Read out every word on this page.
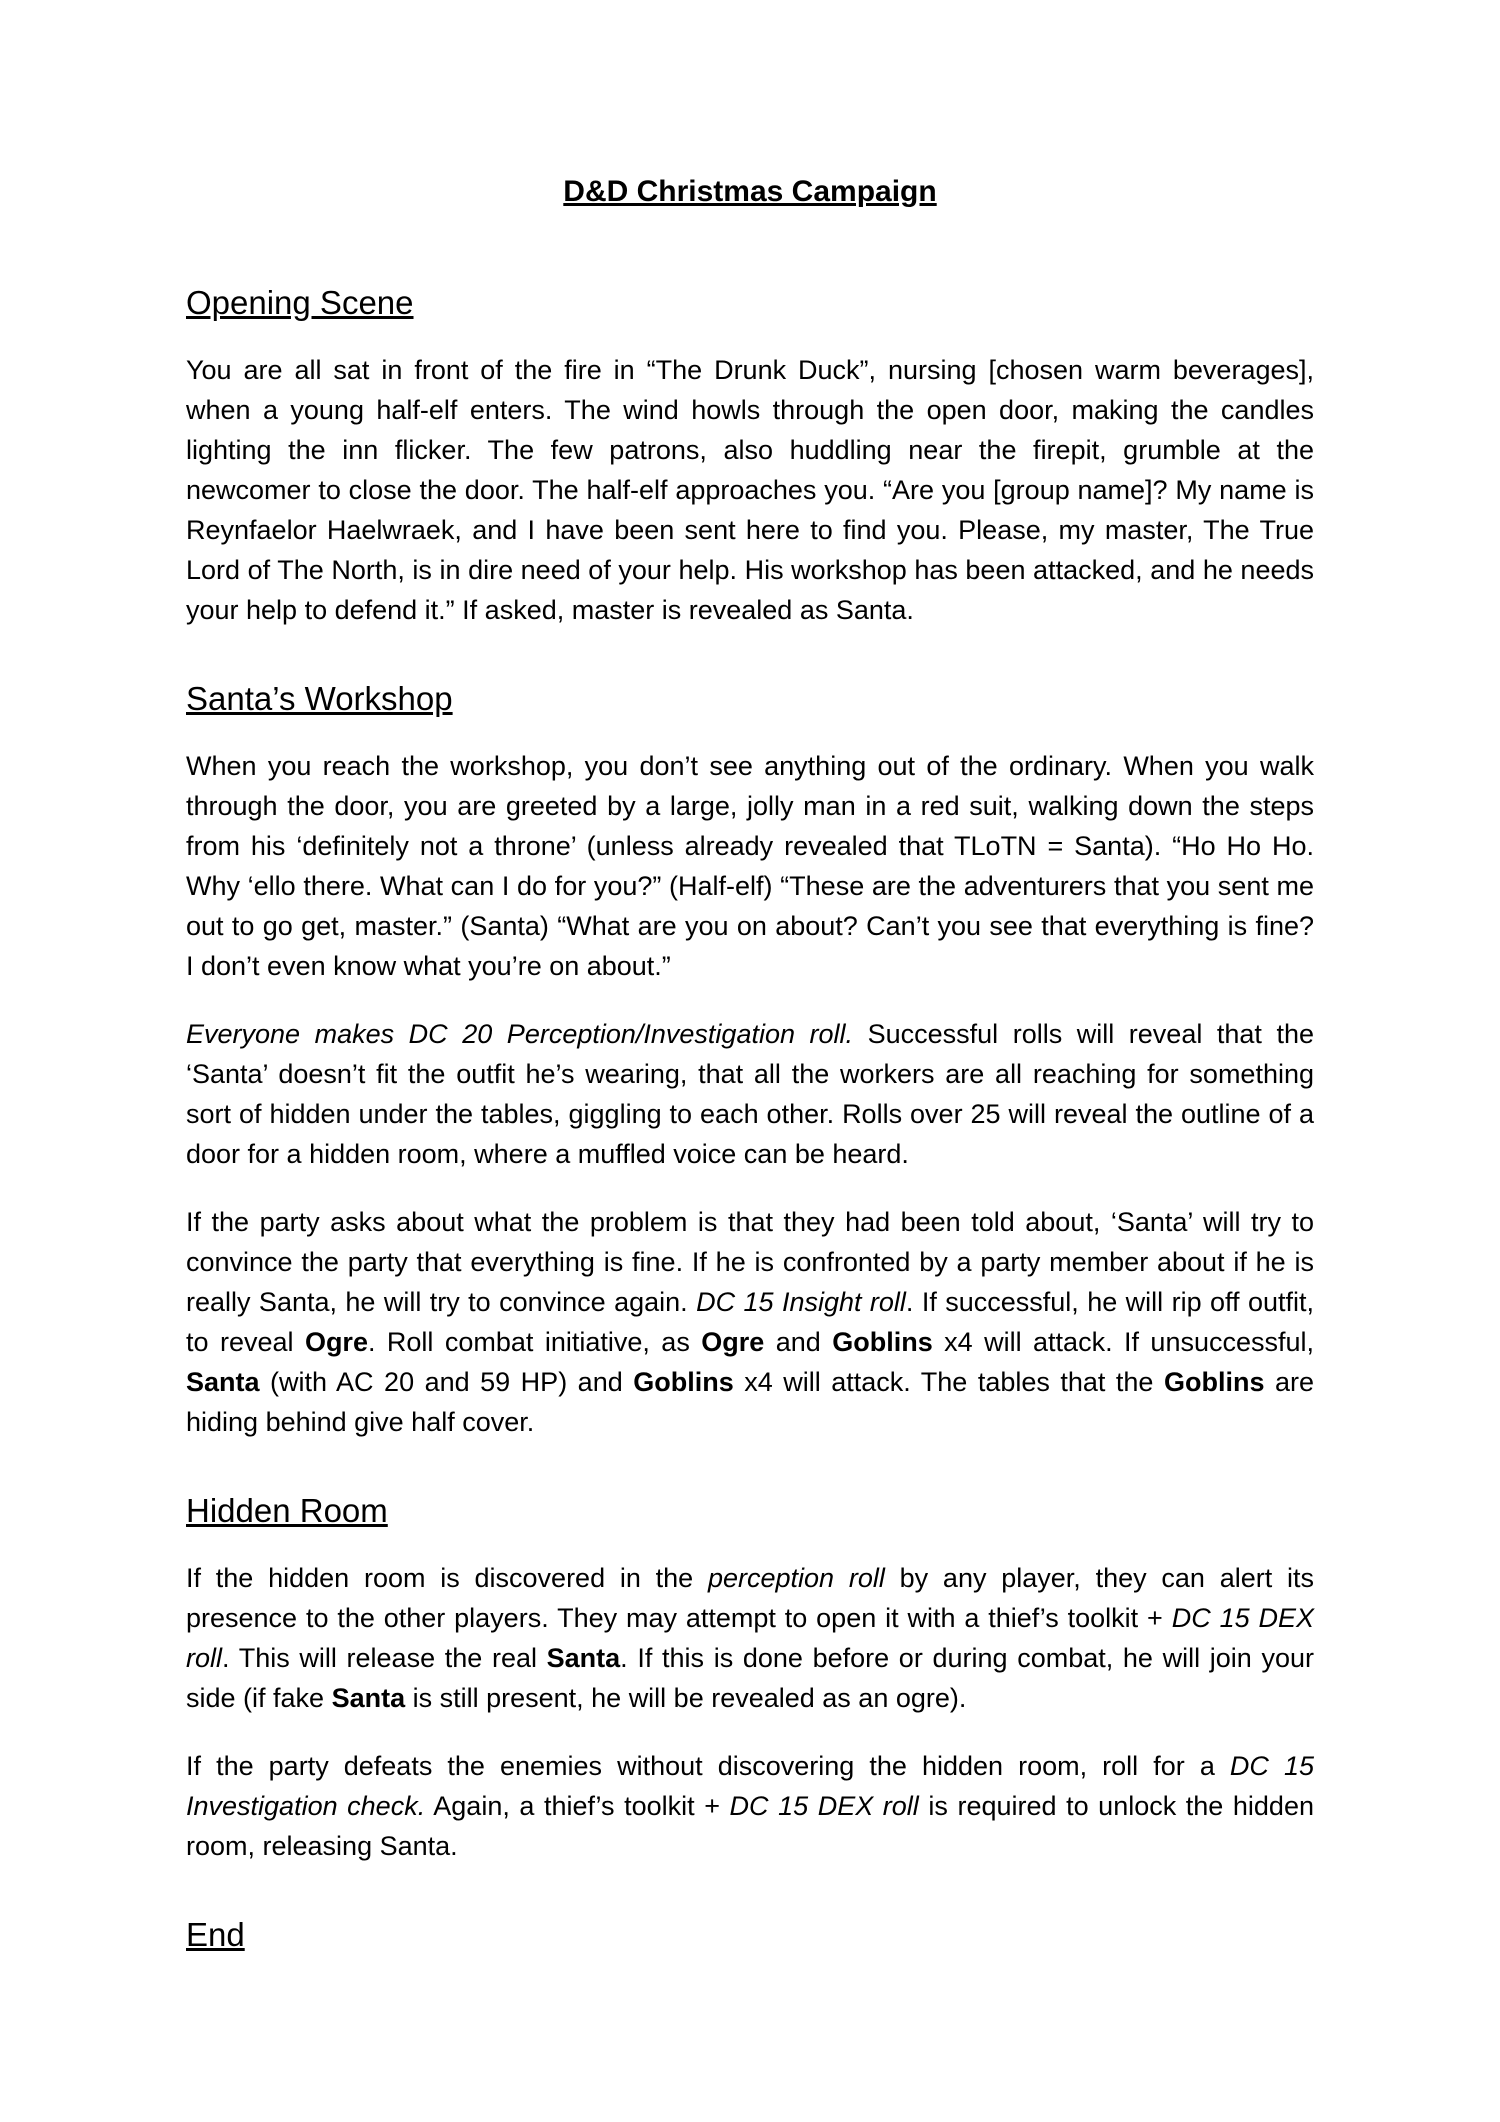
D&D Christmas Campaign
Opening Scene

You are all sat in front of the fire in “The Drunk Duck”, nursing [chosen warm beverages], when a young half-elf enters. The wind howls through the open door, making the candles lighting the inn flicker. The few patrons, also huddling near the firepit, grumble at the newcomer to close the door. The half-elf approaches you. “Are you [group name]? My name is Reynfaelor Haelwraek, and I have been sent here to find you. Please, my master, The True Lord of The North, is in dire need of your help. His workshop has been attacked, and he needs your help to defend it.” If asked, master is revealed as Santa.

Santa’s Workshop

When you reach the workshop, you don’t see anything out of the ordinary. When you walk through the door, you are greeted by a large, jolly man in a red suit, walking down the steps from his ‘definitely not a throne’ (unless already revealed that TLoTN = Santa). “Ho Ho Ho. Why ‘ello there. What can I do for you?” (Half-elf) “These are the adventurers that you sent me out to go get, master.” (Santa) “What are you on about? Can’t you see that everything is fine? I don’t even know what you’re on about.”

Everyone makes DC 20 Perception/Investigation roll. Successful rolls will reveal that the ‘Santa’ doesn’t fit the outfit he’s wearing, that all the workers are all reaching for something sort of hidden under the tables, giggling to each other. Rolls over 25 will reveal the outline of a door for a hidden room, where a muffled voice can be heard.

If the party asks about what the problem is that they had been told about, ‘Santa’ will try to convince the party that everything is fine. If he is confronted by a party member about if he is really Santa, he will try to convince again. DC 15 Insight roll. If successful, he will rip off outfit, to reveal Ogre. Roll combat initiative, as Ogre and Goblins x4 will attack. If unsuccessful, Santa (with AC 20 and 59 HP) and Goblins x4 will attack. The tables that the Goblins are hiding behind give half cover.

Hidden Room

If the hidden room is discovered in the perception roll by any player, they can alert its presence to the other players. They may attempt to open it with a thief’s toolkit + DC 15 DEX roll. This will release the real Santa. If this is done before or during combat, he will join your side (if fake Santa is still present, he will be revealed as an ogre).

If the party defeats the enemies without discovering the hidden room, roll for a DC 15 Investigation check. Again, a thief’s toolkit + DC 15 DEX roll is required to unlock the hidden room, releasing Santa.

End
